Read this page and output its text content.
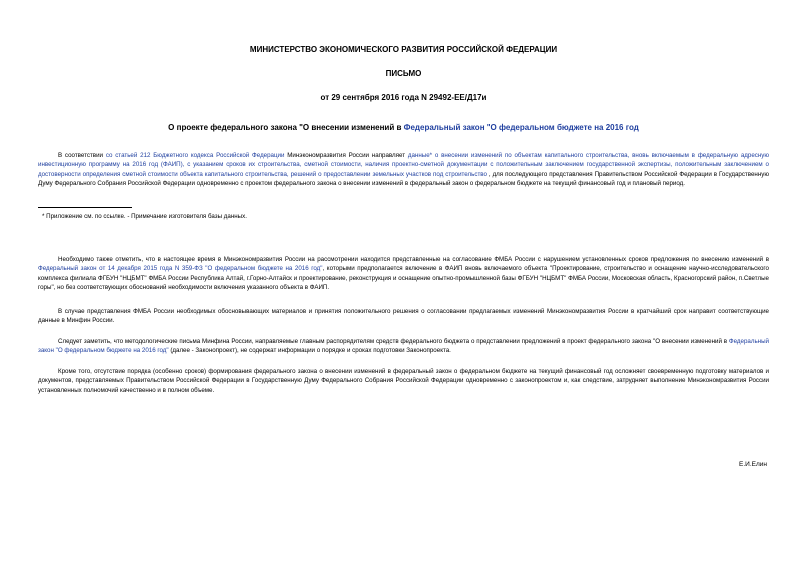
МИНИСТЕРСТВО ЭКОНОМИЧЕСКОГО РАЗВИТИЯ РОССИЙСКОЙ ФЕДЕРАЦИИ
ПИСЬМО
от 29 сентября 2016 года N 29492-ЕЕ/Д17и
О проекте федерального закона "О внесении изменений в Федеральный закон "О федеральном бюджете на 2016 год
В соответствии со статьей 212 Бюджетного кодекса Российской Федерации Минэкономразвития России направляет данные* о внесении изменений по объектам капитального строительства, вновь включаемым в федеральную адресную инвестиционную программу на 2016 год (ФАИП), с указанием сроков их строительства, сметной стоимости, наличия проектно-сметной документации с положительным заключением государственной экспертизы, положительным заключением о достоверности определения сметной стоимости объекта капитального строительства, решений о предоставлении земельных участков под строительство , для последующего представления Правительством Российской Федерации в Государственную Думу Федерального Собрания Российской Федерации одновременно с проектом федерального закона о внесении изменений в федеральный закон о федеральном бюджете на текущий финансовый год и плановый период.
* Приложение см. по ссылке. - Примечание изготовителя базы данных.
Необходимо также отметить, что в настоящее время в Минэкономразвития России на рассмотрении находится представленные на согласование ФМБА России с нарушением установленных сроков предложения по внесению изменений в Федеральный закон от 14 декабря 2015 года N 359-ФЗ "О федеральном бюджете на 2016 год", которыми предполагается включение в ФАИП вновь включаемого объекта "Проектирование, строительство и оснащение научно-исследовательского комплекса филиала ФГБУН "НЦБМТ" ФМБА России Республика Алтай, г.Горно-Алтайск и проектирование, реконструкция и оснащение опытно-промышленной базы ФГБУН "НЦБМТ" ФМБА России, Московская область, Красногорский район, п.Светлые горы", но без соответствующих обоснований необходимости включения указанного объекта в ФАИП.
В случае представления ФМБА России необходимых обосновывающих материалов и принятия положительного решения о согласовании предлагаемых изменений Минэкономразвития России в кратчайший срок направит соответствующие данные в Минфин России.
Следует заметить, что методологические письма Минфина России, направляемые главным распорядителям средств федерального бюджета о представлении предложений в проект федерального закона "О внесении изменений в Федеральный закон "О федеральном бюджете на 2016 год" (далее - Законопроект), не содержат информации о порядке и сроках подготовки Законопроекта.
Кроме того, отсутствие порядка (особенно сроков) формирования федерального закона о внесении изменений в федеральный закон о федеральном бюджете на текущий финансовый год осложняет своевременную подготовку материалов и документов, представляемых Правительством Российской Федерации в Государственную Думу Федерального Собрания Российской Федерации одновременно с законопроектом и, как следствие, затрудняет выполнение Минэкономразвития России установленных полномочий качественно и в полном объеме.
Е.И.Елин
